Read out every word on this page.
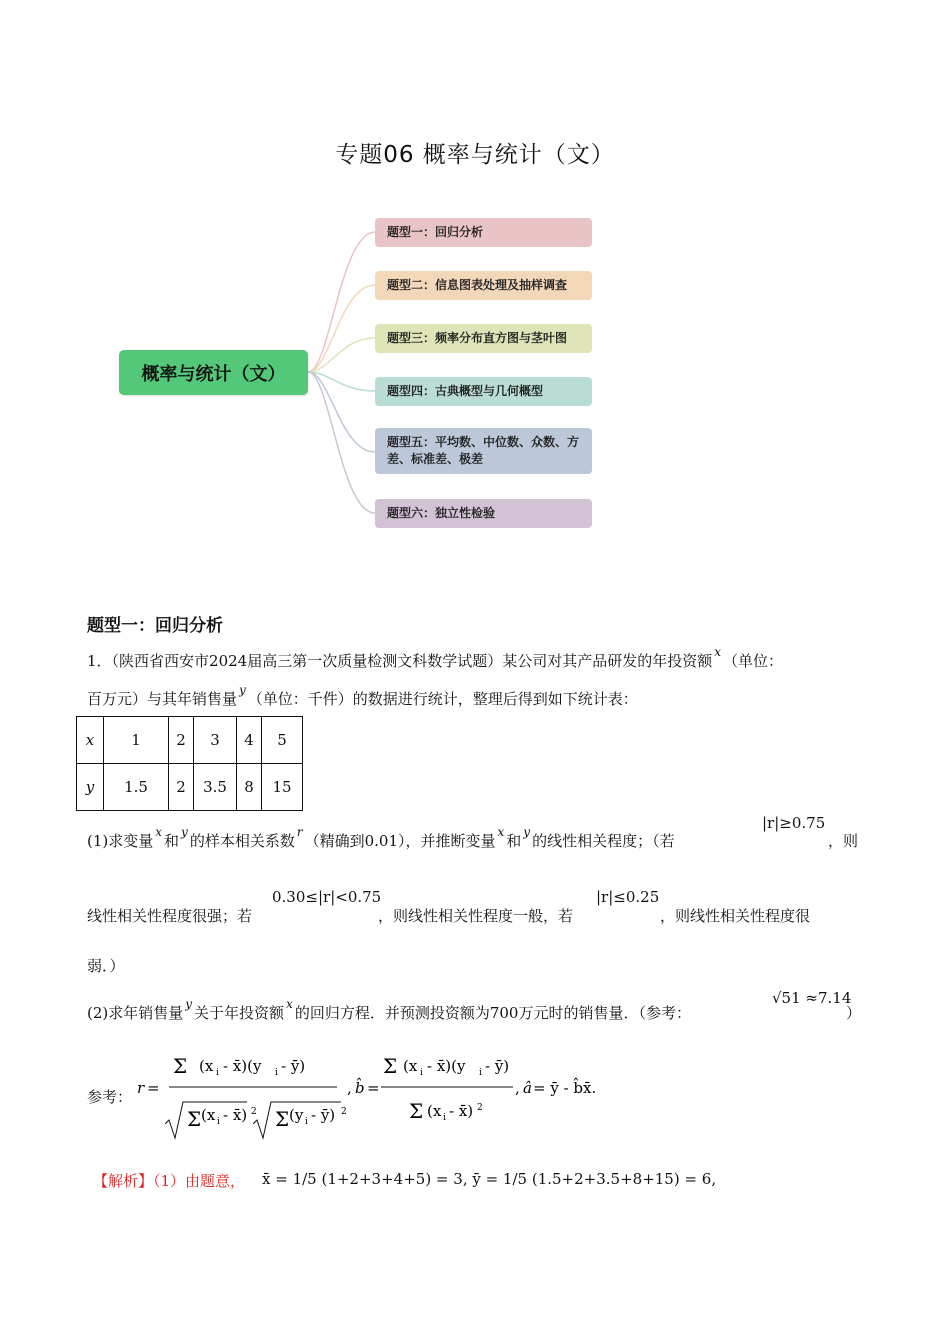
专题06 概率与统计（文）
概率与统计（文）
题型一：回归分析
题型二：信息图表处理及抽样调查
题型三：频率分布直方图与茎叶图
题型四：古典概型与几何概型
题型五：平均数、中位数、众数、方差、标准差、极差
题型六：独立性检验
题型一：回归分析
1．（陕西省西安市2024届高三第一次质量检测文科数学试题）某公司对其产品研发的年投资额 $^x$ （单位：
百万元）与其年销售量 $^y$ （单位：千件）的数据进行统计，整理后得到如下统计表：
x	1	2	3	4	5
y	1.5	2	3.5	8	15
(1)求变量 $^x$ 和 $^y$ 的样本相关系数 $^r$ （精确到0.01），并推断变量 $^x$ 和 $^y$ 的线性相关程度；（若
|r|≥0.75
，则
线性相关性程度很强；若
0.30≤|r|<0.75
，则线性相关性程度一般，若
|r|≤0.25
，则线性相关性程度很
弱．）
(2)求年销售量 $^y$ 关于年投资额 $^x$ 的回归方程．并预测投资额为700万元时的销售量．（参考：
√51 ≈7.14
）
参考： r =
Σ (x i - x̄)(y i - ȳ)
Σ (x i - x̄) 2 Σ (y i - ȳ) 2
, b̂ =
Σ (x i - x̄)(y i - ȳ)
Σ (x i - x̄) 2
, â = ȳ - b̂x̄.
【解析】（1）由题意， x̄ = 1/5 (1+2+3+4+5) = 3, ȳ = 1/5 (1.5+2+3.5+8+15) = 6,
